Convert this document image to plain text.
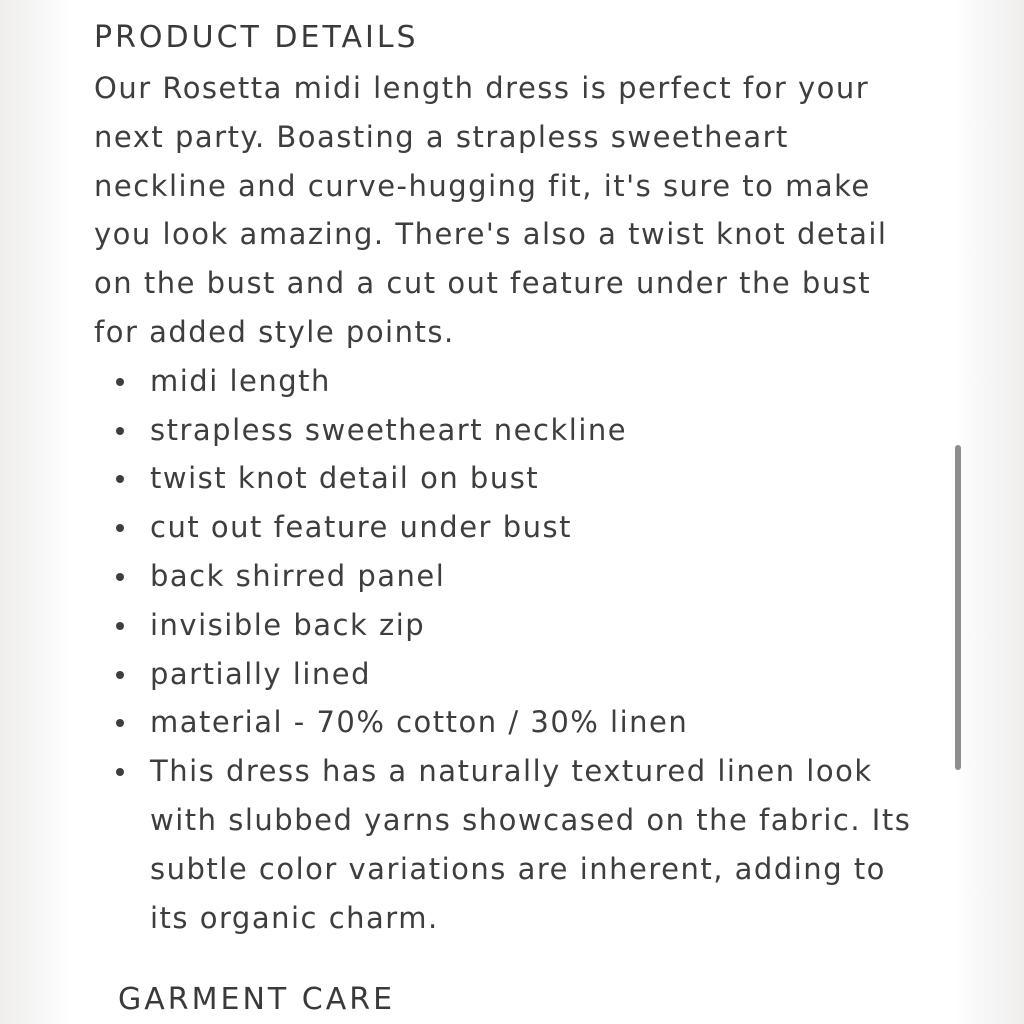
PRODUCT DETAILS

Our Rosetta midi length dress is perfect for your next party. Boasting a strapless sweetheart neckline and curve-hugging fit, it's sure to make you look amazing. There's also a twist knot detail on the bust and a cut out feature under the bust for added style points.

midi length
strapless sweetheart neckline
twist knot detail on bust
cut out feature under bust
back shirred panel
invisible back zip
partially lined
material - 70% cotton / 30% linen
This dress has a naturally textured linen look with slubbed yarns showcased on the fabric. Its subtle color variations are inherent, adding to its organic charm.
GARMENT CARE
